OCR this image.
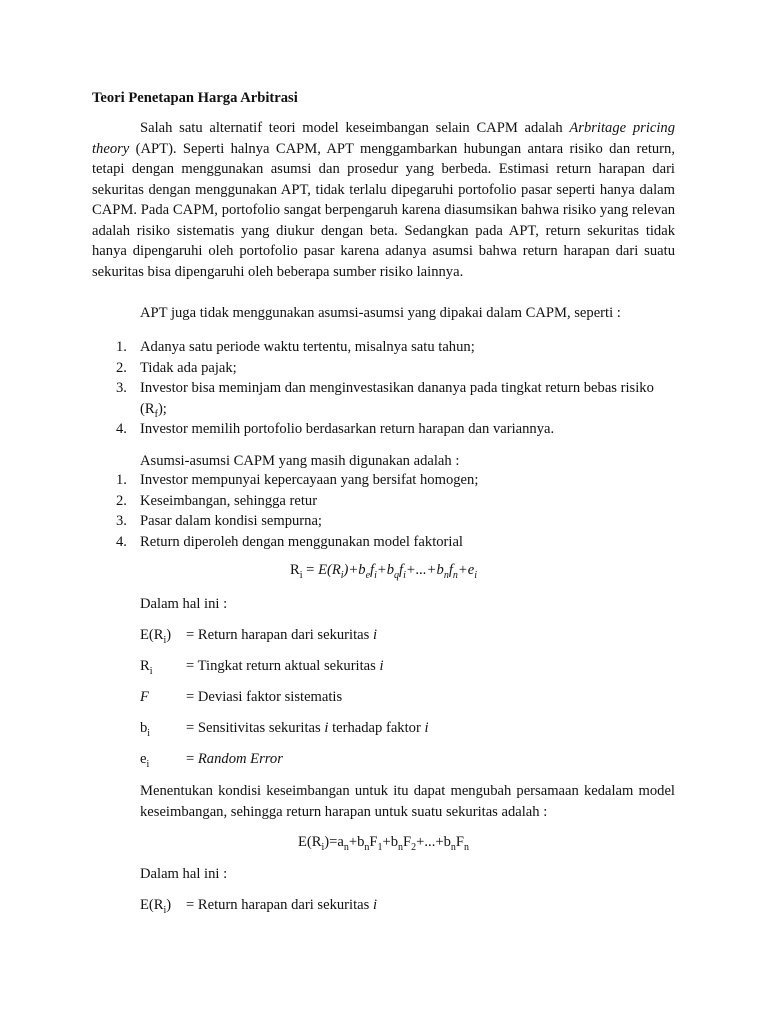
Teori Penetapan Harga Arbitrasi

Salah satu alternatif teori model keseimbangan selain CAPM adalah Arbritage pricing theory (APT). Seperti halnya CAPM, APT menggambarkan hubungan antara risiko dan return, tetapi dengan menggunakan asumsi dan prosedur yang berbeda. Estimasi return harapan dari sekuritas dengan menggunakan APT, tidak terlalu dipegaruhi portofolio pasar seperti hanya dalam CAPM. Pada CAPM, portofolio sangat berpengaruh karena diasumsikan bahwa risiko yang relevan adalah risiko sistematis yang diukur dengan beta. Sedangkan pada APT, return sekuritas tidak hanya dipengaruhi oleh portofolio pasar karena adanya asumsi bahwa return harapan dari suatu sekuritas bisa dipengaruhi oleh beberapa sumber risiko lainnya.

APT juga tidak menggunakan asumsi-asumsi yang dipakai dalam CAPM, seperti :
1. Adanya satu periode waktu tertentu, misalnya satu tahun;
2. Tidak ada pajak;
3. Investor bisa meminjam dan menginvestasikan dananya pada tingkat return bebas risiko $(R_f)$;
4. Investor memilih portofolio berdasarkan return harapan dan variannya.
Asumsi-asumsi CAPM yang masih digunakan adalah :
1. Investor mempunyai kepercayaan yang bersifat homogen;
2. Keseimbangan, sehingga retur
3. Pasar dalam kondisi sempurna;
4. Return diperoleh dengan menggunakan model faktorial
$R_i = E(R_i)+b_ef_i+b_qf_i+...+b_nf_n+e_i$
Dalam hal ini :
$E(R_i)$ = Return harapan dari sekuritas i
$R_i$ = Tingkat return aktual sekuritas i
F	= Deviasi faktor sistematis
$b_i$ = Sensitivitas sekuritas i terhadap faktor i
$e_i$	= Random Error

Menentukan kondisi keseimbangan untuk itu dapat mengubah persamaan kedalam model keseimbangan, sehingga return harapan untuk suatu sekuritas adalah :

$E(R_i)=a_n+b_nF_1+b_nF_2+...+b_nF_n$
Dalam hal ini :
$E(R_i)$ = Return harapan dari sekuritas i
